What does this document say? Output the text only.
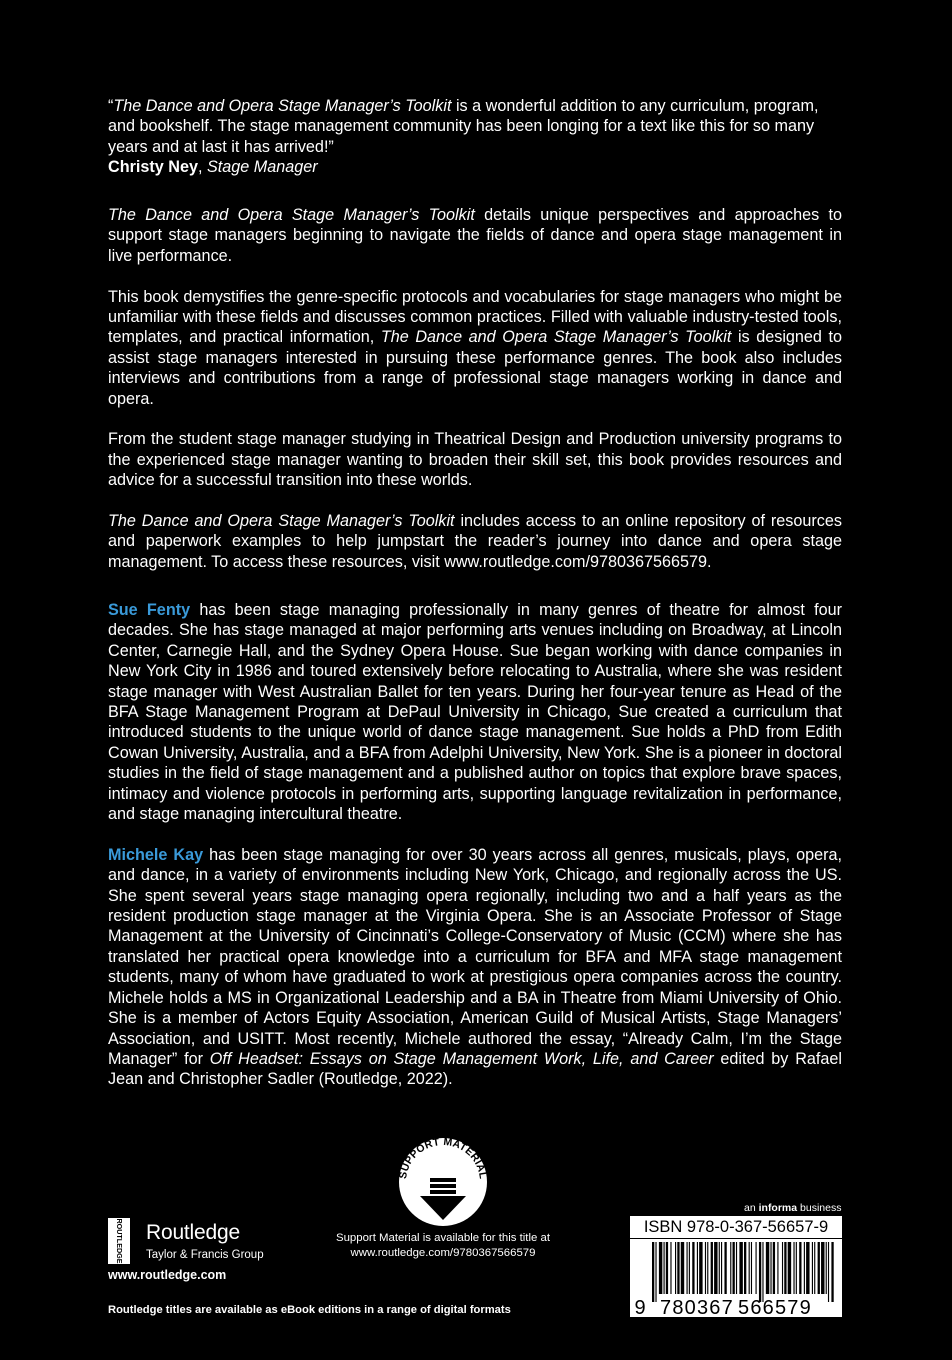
“The Dance and Opera Stage Manager’s Toolkit is a wonderful addition to any curriculum, program, and bookshelf. The stage management community has been longing for a text like this for so many years and at last it has arrived!”
Christy Ney, Stage Manager

The Dance and Opera Stage Manager’s Toolkit details unique perspectives and approaches to support stage managers beginning to navigate the fields of dance and opera stage management in live performance.

This book demystifies the genre-specific protocols and vocabularies for stage managers who might be unfamiliar with these fields and discusses common practices. Filled with valuable industry-tested tools, templates, and practical information, The Dance and Opera Stage Manager’s Toolkit is designed to assist stage managers interested in pursuing these performance genres. The book also includes interviews and contributions from a range of professional stage managers working in dance and opera.

From the student stage manager studying in Theatrical Design and Production university programs to the experienced stage manager wanting to broaden their skill set, this book provides resources and advice for a successful transition into these worlds.

The Dance and Opera Stage Manager’s Toolkit includes access to an online repository of resources and paperwork examples to help jumpstart the reader’s journey into dance and opera stage management. To access these resources, visit www.routledge.com/9780367566579.

Sue Fenty has been stage managing professionally in many genres of theatre for almost four decades. She has stage managed at major performing arts venues including on Broadway, at Lincoln Center, Carnegie Hall, and the Sydney Opera House. Sue began working with dance companies in New York City in 1986 and toured extensively before relocating to Australia, where she was resident stage manager with West Australian Ballet for ten years. During her four-year tenure as Head of the BFA Stage Management Program at DePaul University in Chicago, Sue created a curriculum that introduced students to the unique world of dance stage management. Sue holds a PhD from Edith Cowan University, Australia, and a BFA from Adelphi University, New York. She is a pioneer in doctoral studies in the field of stage management and a published author on topics that explore brave spaces, intimacy and violence protocols in performing arts, supporting language revitalization in performance, and stage managing intercultural theatre.

Michele Kay has been stage managing for over 30 years across all genres, musicals, plays, opera, and dance, in a variety of environments including New York, Chicago, and regionally across the US. She spent several years stage managing opera regionally, including two and a half years as the resident production stage manager at the Virginia Opera. She is an Associate Professor of Stage Management at the University of Cincinnati’s College-Conservatory of Music (CCM) where she has translated her practical opera knowledge into a curriculum for BFA and MFA stage management students, many of whom have graduated to work at prestigious opera companies across the country. Michele holds a MS in Organizational Leadership and a BA in Theatre from Miami University of Ohio. She is a member of Actors Equity Association, American Guild of Musical Artists, Stage Managers’ Association, and USITT. Most recently, Michele authored the essay, “Already Calm, I’m the Stage Manager” for Off Headset: Essays on Stage Management Work, Life, and Career edited by Rafael Jean and Christopher Sadler (Routledge, 2022).

SUPPORT MATERIAL
Support Material is available for this title at
www.routledge.com/9780367566579
ROUTLEDGE Routledge
Taylor & Francis Group
www.routledge.com
Routledge titles are available as eBook editions in a range of digital formats
an informa business
ISBN 978-0-367-56657-9
9 780367 566579
